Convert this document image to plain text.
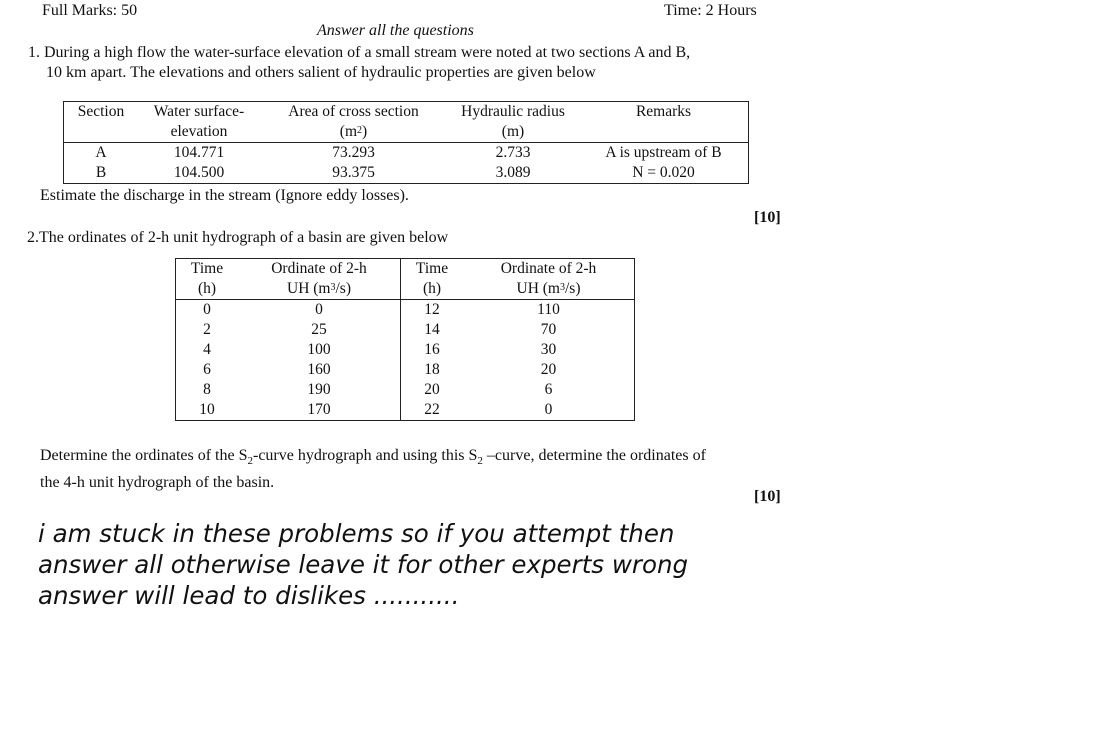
Full Marks: 50	Time: 2 Hours
Answer all the questions
1. During a high flow the water-surface elevation of a small stream were noted at two sections A and B,
10 km apart. The elevations and others salient of hydraulic properties are given below
Section	Water surface-	Area of cross section	Hydraulic radius	Remarks
	elevation	$(m^2)$	(m)	
A	104.771	73.293	2.733	A is upstream of B
B	104.500	93.375	3.089	N = 0.020
Estimate the discharge in the stream (Ignore eddy losses).
[10]
2.The ordinates of 2-h unit hydrograph of a basin are given below
Time	Ordinate of 2-h	Time	Ordinate of 2-h
(h)	UH $(m^3/s)$	(h)	UH $(m^3/s)$
0	0	12	110
2	25	14	70
4	100	16	30
6	160	18	20
8	190	20	6
10	170	22	0
Determine the ordinates of the $S_2$-curve hydrograph and using this $S_2$ –curve, determine the ordinates of
the 4-h unit hydrograph of the basin.
[10]
i am stuck in these problems so if you attempt then
answer all otherwise leave it for other experts wrong
answer will lead to dislikes ...........
